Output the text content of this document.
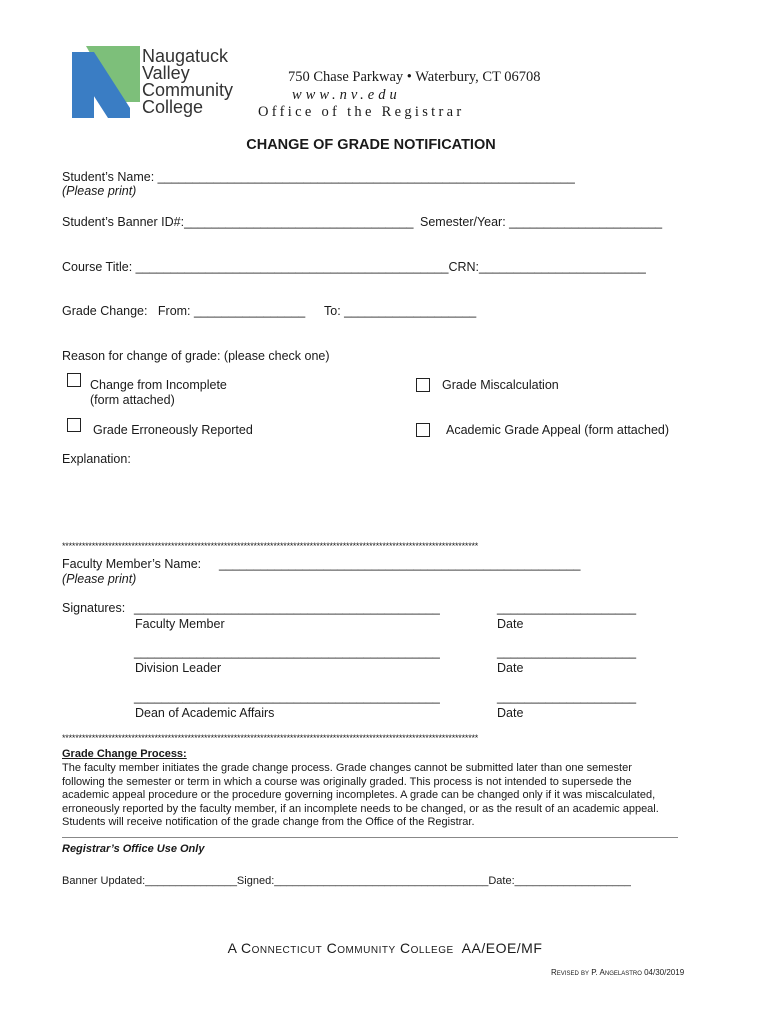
Naugatuck
Valley
Community
College
750 Chase Parkway • Waterbury, CT 06708
www.nv.edu
Office of the Registrar
CHANGE OF GRADE NOTIFICATION
Student’s Name: ____________________________________________________________
(Please print)
Student’s Banner ID#:_________________________________ Semester/Year: ______________________
Course Title: _____________________________________________CRN:________________________
Grade Change:   From: ________________ To: ___________________
Reason for change of grade: (please check one)
Change from Incomplete
(form attached)
Grade Miscalculation
Grade Erroneously Reported	Academic Grade Appeal (form attached)
Explanation:
******************************************************************************************************************************
Faculty Member’s Name: ____________________________________________________
(Please print)
Signatures: ____________________________________________	____________________
Faculty Member	Date
____________________________________________	____________________
Division Leader	Date
____________________________________________	____________________
Dean of Academic Affairs	Date
******************************************************************************************************************************
Grade Change Process:
The faculty member initiates the grade change process. Grade changes cannot be submitted later than one semester
following the semester or term in which a course was originally graded. This process is not intended to supersede the
academic appeal procedure or the procedure governing incompletes. A grade can be changed only if it was miscalculated,
erroneously reported by the faculty member, if an incomplete needs to be changed, or as the result of an academic appeal.
Students will receive notification of the grade change from the Office of the Registrar.
Registrar’s Office Use Only
Banner Updated:_______________Signed:___________________________________Date:___________________
A Connecticut Community College  AA/EOE/MF
Revised by P. Angelastro 04/30/2019
